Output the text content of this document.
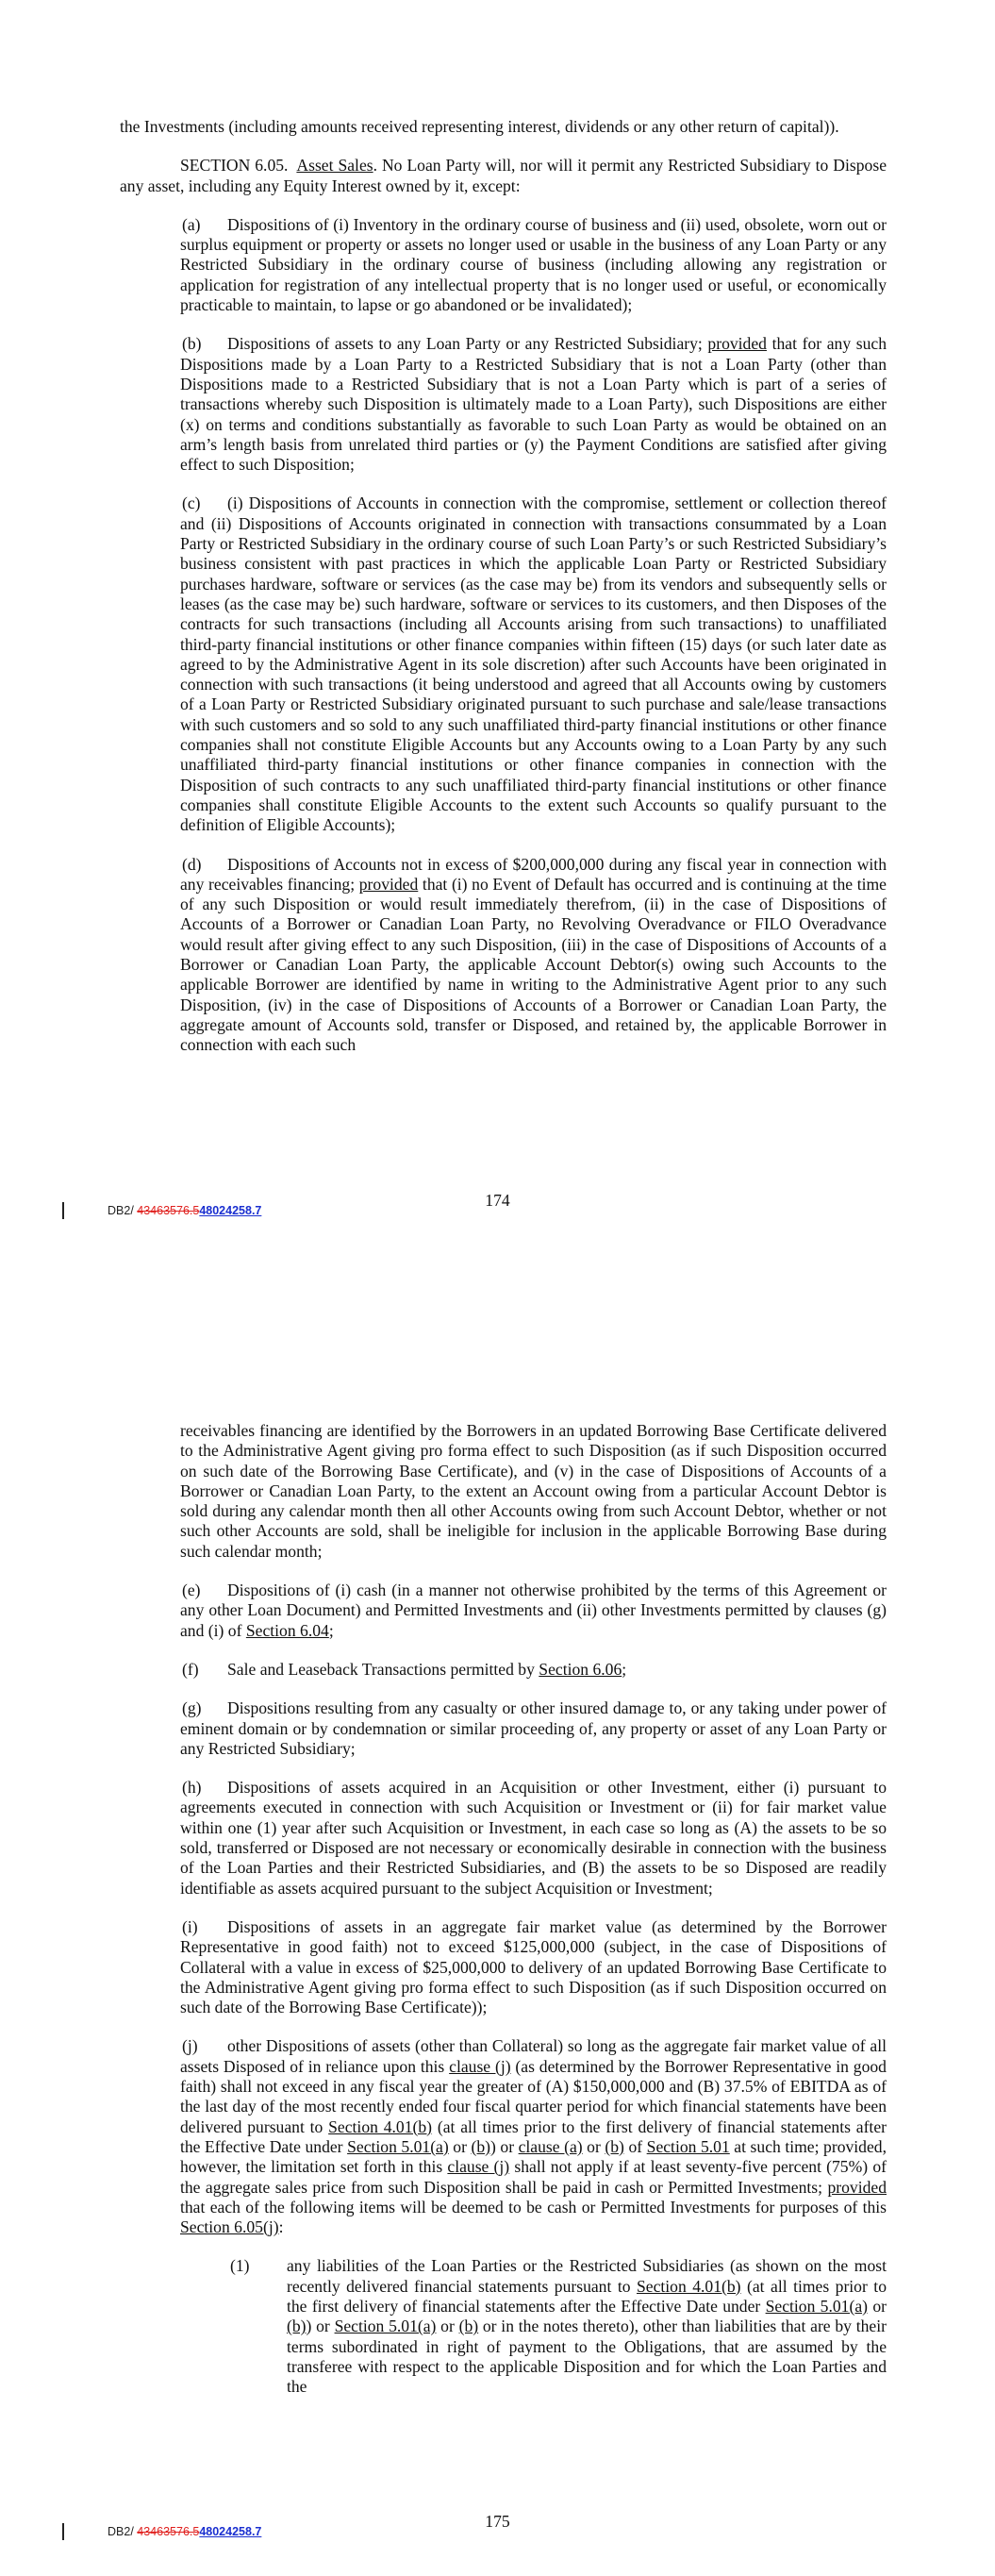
the Investments (including amounts received representing interest, dividends or any other return of capital)).

SECTION 6.05. Asset Sales. No Loan Party will, nor will it permit any Restricted Subsidiary to Dispose any asset, including any Equity Interest owned by it, except:

(a) Dispositions of (i) Inventory in the ordinary course of business and (ii) used, obsolete, worn out or surplus equipment or property or assets no longer used or usable in the business of any Loan Party or any Restricted Subsidiary in the ordinary course of business (including allowing any registration or application for registration of any intellectual property that is no longer used or useful, or economically practicable to maintain, to lapse or go abandoned or be invalidated);

(b) Dispositions of assets to any Loan Party or any Restricted Subsidiary; provided that for any such Dispositions made by a Loan Party to a Restricted Subsidiary that is not a Loan Party (other than Dispositions made to a Restricted Subsidiary that is not a Loan Party which is part of a series of transactions whereby such Disposition is ultimately made to a Loan Party), such Dispositions are either (x) on terms and conditions substantially as favorable to such Loan Party as would be obtained on an arm’s length basis from unrelated third parties or (y) the Payment Conditions are satisfied after giving effect to such Disposition;

(c) (i) Dispositions of Accounts in connection with the compromise, settlement or collection thereof and (ii) Dispositions of Accounts originated in connection with transactions consummated by a Loan Party or Restricted Subsidiary in the ordinary course of such Loan Party’s or such Restricted Subsidiary’s business consistent with past practices in which the applicable Loan Party or Restricted Subsidiary purchases hardware, software or services (as the case may be) from its vendors and subsequently sells or leases (as the case may be) such hardware, software or services to its customers, and then Disposes of the contracts for such transactions (including all Accounts arising from such transactions) to unaffiliated third-party financial institutions or other finance companies within fifteen (15) days (or such later date as agreed to by the Administrative Agent in its sole discretion) after such Accounts have been originated in connection with such transactions (it being understood and agreed that all Accounts owing by customers of a Loan Party or Restricted Subsidiary originated pursuant to such purchase and sale/lease transactions with such customers and so sold to any such unaffiliated third-party financial institutions or other finance companies shall not constitute Eligible Accounts but any Accounts owing to a Loan Party by any such unaffiliated third-party financial institutions or other finance companies in connection with the Disposition of such contracts to any such unaffiliated third-party financial institutions or other finance companies shall constitute Eligible Accounts to the extent such Accounts so qualify pursuant to the definition of Eligible Accounts);

(d) Dispositions of Accounts not in excess of $200,000,000 during any fiscal year in connection with any receivables financing; provided that (i) no Event of Default has occurred and is continuing at the time of any such Disposition or would result immediately therefrom, (ii) in the case of Dispositions of Accounts of a Borrower or Canadian Loan Party, no Revolving Overadvance or FILO Overadvance would result after giving effect to any such Disposition, (iii) in the case of Dispositions of Accounts of a Borrower or Canadian Loan Party, the applicable Account Debtor(s) owing such Accounts to the applicable Borrower are identified by name in writing to the Administrative Agent prior to any such Disposition, (iv) in the case of Dispositions of Accounts of a Borrower or Canadian Loan Party, the aggregate amount of Accounts sold, transfer or Disposed, and retained by, the applicable Borrower in connection with each such

DB2/ 43463576.548024258.7
174

receivables financing are identified by the Borrowers in an updated Borrowing Base Certificate delivered to the Administrative Agent giving pro forma effect to such Disposition (as if such Disposition occurred on such date of the Borrowing Base Certificate), and (v) in the case of Dispositions of Accounts of a Borrower or Canadian Loan Party, to the extent an Account owing from a particular Account Debtor is sold during any calendar month then all other Accounts owing from such Account Debtor, whether or not such other Accounts are sold, shall be ineligible for inclusion in the applicable Borrowing Base during such calendar month;

(e) Dispositions of (i) cash (in a manner not otherwise prohibited by the terms of this Agreement or any other Loan Document) and Permitted Investments and (ii) other Investments permitted by clauses (g) and (i) of Section 6.04;

(f) Sale and Leaseback Transactions permitted by Section 6.06;

(g) Dispositions resulting from any casualty or other insured damage to, or any taking under power of eminent domain or by condemnation or similar proceeding of, any property or asset of any Loan Party or any Restricted Subsidiary;

(h) Dispositions of assets acquired in an Acquisition or other Investment, either (i) pursuant to agreements executed in connection with such Acquisition or Investment or (ii) for fair market value within one (1) year after such Acquisition or Investment, in each case so long as (A) the assets to be so sold, transferred or Disposed are not necessary or economically desirable in connection with the business of the Loan Parties and their Restricted Subsidiaries, and (B) the assets to be so Disposed are readily identifiable as assets acquired pursuant to the subject Acquisition or Investment;

(i) Dispositions of assets in an aggregate fair market value (as determined by the Borrower Representative in good faith) not to exceed $125,000,000 (subject, in the case of Dispositions of Collateral with a value in excess of $25,000,000 to delivery of an updated Borrowing Base Certificate to the Administrative Agent giving pro forma effect to such Disposition (as if such Disposition occurred on such date of the Borrowing Base Certificate));

(j) other Dispositions of assets (other than Collateral) so long as the aggregate fair market value of all assets Disposed of in reliance upon this clause (j) (as determined by the Borrower Representative in good faith) shall not exceed in any fiscal year the greater of (A) $150,000,000 and (B) 37.5% of EBITDA as of the last day of the most recently ended four fiscal quarter period for which financial statements have been delivered pursuant to Section 4.01(b) (at all times prior to the first delivery of financial statements after the Effective Date under Section 5.01(a) or (b)) or clause (a) or (b) of Section 5.01 at such time; provided, however, the limitation set forth in this clause (j) shall not apply if at least seventy-five percent (75%) of the aggregate sales price from such Disposition shall be paid in cash or Permitted Investments; provided that each of the following items will be deemed to be cash or Permitted Investments for purposes of this Section 6.05(j):

(1) any liabilities of the Loan Parties or the Restricted Subsidiaries (as shown on the most recently delivered financial statements pursuant to Section 4.01(b) (at all times prior to the first delivery of financial statements after the Effective Date under Section 5.01(a) or (b)) or Section 5.01(a) or (b) or in the notes thereto), other than liabilities that are by their terms subordinated in right of payment to the Obligations, that are assumed by the transferee with respect to the applicable Disposition and for which the Loan Parties and the

DB2/ 43463576.548024258.7
175
